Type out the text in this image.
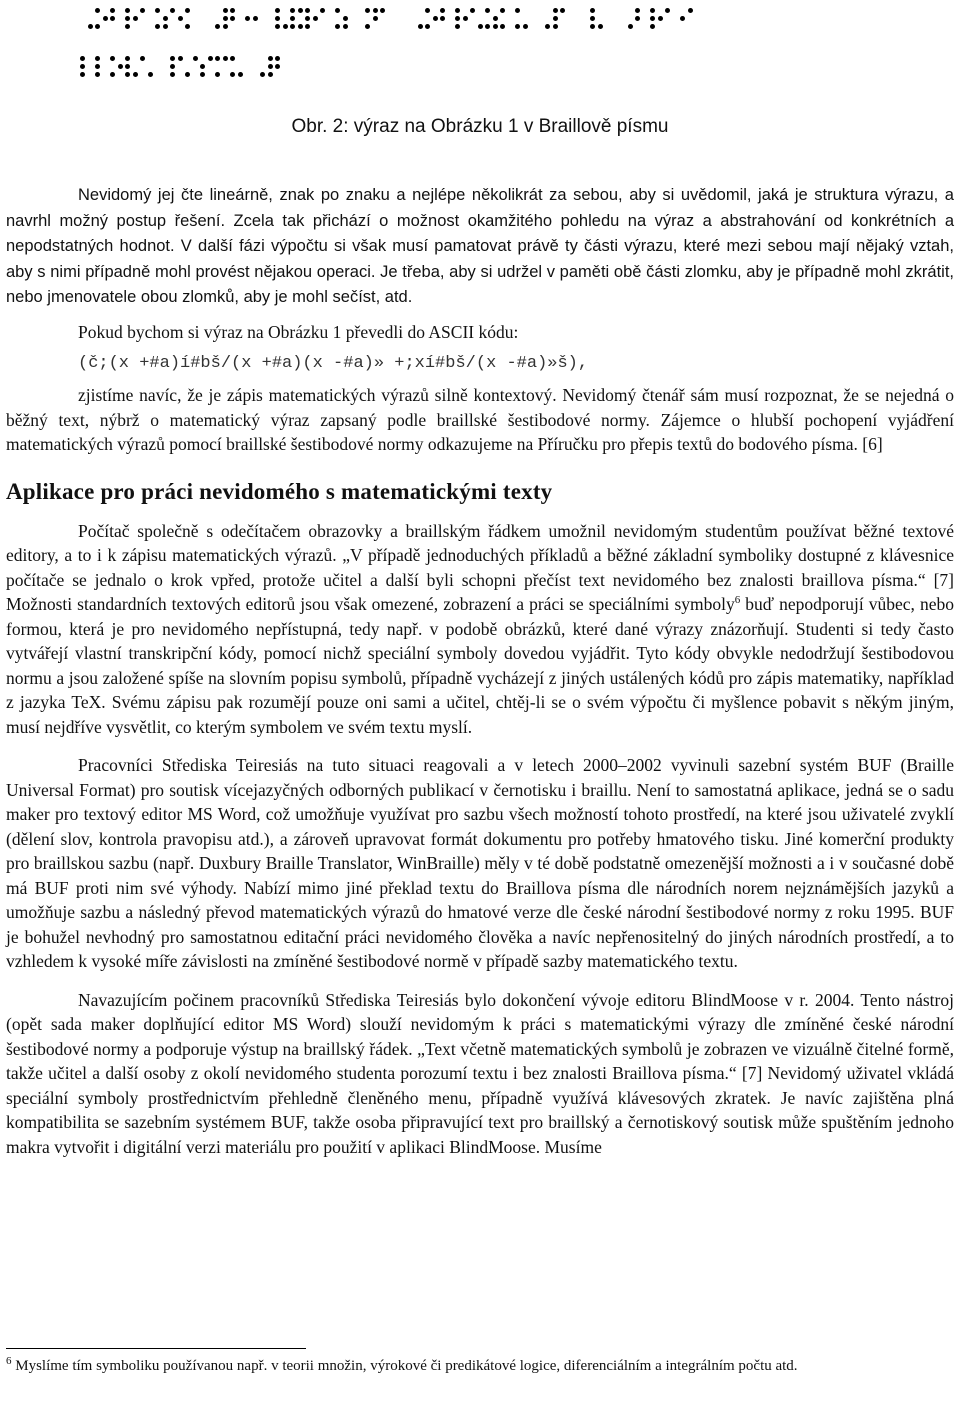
Obr. 2: výraz na Obrázku 1 v Braillově písmu

Nevidomý jej čte lineárně, znak po znaku a nejlépe několikrát za sebou, aby si uvědomil, jaká je struktura výrazu, a navrhl možný postup řešení. Zcela tak přichází o možnost okamžitého pohledu na výraz a abstrahování od konkrétních a nepodstatných hodnot. V další fázi výpočtu si však musí pamatovat právě ty části výrazu, které mezi sebou mají nějaký vztah, aby s nimi případně mohl provést nějakou operaci. Je třeba, aby si udržel v paměti obě části zlomku, aby je případně mohl zkrátit, nebo jmenovatele obou zlomků, aby je mohl sečíst, atd.

Pokud bychom si výraz na Obrázku 1 převedli do ASCII kódu:

(č;(x +#a)í#bš/(x +#a)(x -#a)» +;xí#bš/(x -#a)»š),

zjistíme navíc, že je zápis matematických výrazů silně kontextový. Nevidomý čtenář sám musí rozpoznat, že se nejedná o běžný text, nýbrž o matematický výraz zapsaný podle braillské šestibodové normy. Zájemce o hlubší pochopení vyjádření matematických výrazů pomocí braillské šestibodové normy odkazujeme na Příručku pro přepis textů do bodového písma. [6]

Aplikace pro práci nevidomého s matematickými texty

Počítač společně s odečítačem obrazovky a braillským řádkem umožnil nevidomým studentům používat běžné textové editory, a to i k zápisu matematických výrazů. „V případě jednoduchých příkladů a běžné základní symboliky dostupné z klávesnice počítače se jednalo o krok vpřed, protože učitel a další byli schopni přečíst text nevidomého bez znalosti braillova písma.“ [7] Možnosti standardních textových editorů jsou však omezené, zobrazení a práci se speciálními symboly$^6$ buď nepodporují vůbec, nebo formou, která je pro nevidomého nepřístupná, tedy např. v podobě obrázků, které dané výrazy znázorňují. Studenti si tedy často vytvářejí vlastní transkripční kódy, pomocí nichž speciální symboly dovedou vyjádřit. Tyto kódy obvykle nedodržují šestibodovou normu a jsou založené spíše na slovním popisu symbolů, případně vycházejí z jiných ustálených kódů pro zápis matematiky, například z jazyka TeX. Svému zápisu pak rozumějí pouze oni sami a učitel, chtěj-li se o svém výpočtu či myšlence pobavit s někým jiným, musí nejdříve vysvětlit, co kterým symbolem ve svém textu myslí.

Pracovníci Střediska Teiresiás na tuto situaci reagovali a v letech 2000–2002 vyvinuli sazební systém BUF (Braille Universal Format) pro soutisk vícejazyčných odborných publikací v černotisku i braillu. Není to samostatná aplikace, jedná se o sadu maker pro textový editor MS Word, což umožňuje využívat pro sazbu všech možností tohoto prostředí, na které jsou uživatelé zvyklí (dělení slov, kontrola pravopisu atd.), a zároveň upravovat formát dokumentu pro potřeby hmatového tisku. Jiné komerční produkty pro braillskou sazbu (např. Duxbury Braille Translator, WinBraille) měly v té době podstatně omezenější možnosti a i v současné době má BUF proti nim své výhody. Nabízí mimo jiné překlad textu do Braillova písma dle národních norem nejznámějších jazyků a umožňuje sazbu a následný převod matematických výrazů do hmatové verze dle české národní šestibodové normy z roku 1995. BUF je bohužel nevhodný pro samostatnou editační práci nevidomého člověka a navíc nepřenositelný do jiných národních prostředí, a to vzhledem k vysoké míře závislosti na zmíněné šestibodové normě v případě sazby matematického textu.

Navazujícím počinem pracovníků Střediska Teiresiás bylo dokončení vývoje editoru BlindMoose v r. 2004. Tento nástroj (opět sada maker doplňující editor MS Word) slouží nevidomým k práci s matematickými výrazy dle zmíněné české národní šestibodové normy a podporuje výstup na braillský řádek. „Text včetně matematických symbolů je zobrazen ve vizuálně čitelné formě, takže učitel a další osoby z okolí nevidomého studenta porozumí textu i bez znalosti Braillova písma.“ [7] Nevidomý uživatel vkládá speciální symboly prostřednictvím přehledně členěného menu, případně využívá klávesových zkratek. Je navíc zajištěna plná kompatibilita se sazebním systémem BUF, takže osoba připravující text pro braillský a černotiskový soutisk může spuštěním jednoho makra vytvořit i digitální verzi materiálu pro použití v aplikaci BlindMoose. Musíme

$^6$ Myslíme tím symboliku používanou např. v teorii množin, výrokové či predikátové logice, diferenciálním a integrálním počtu atd.
